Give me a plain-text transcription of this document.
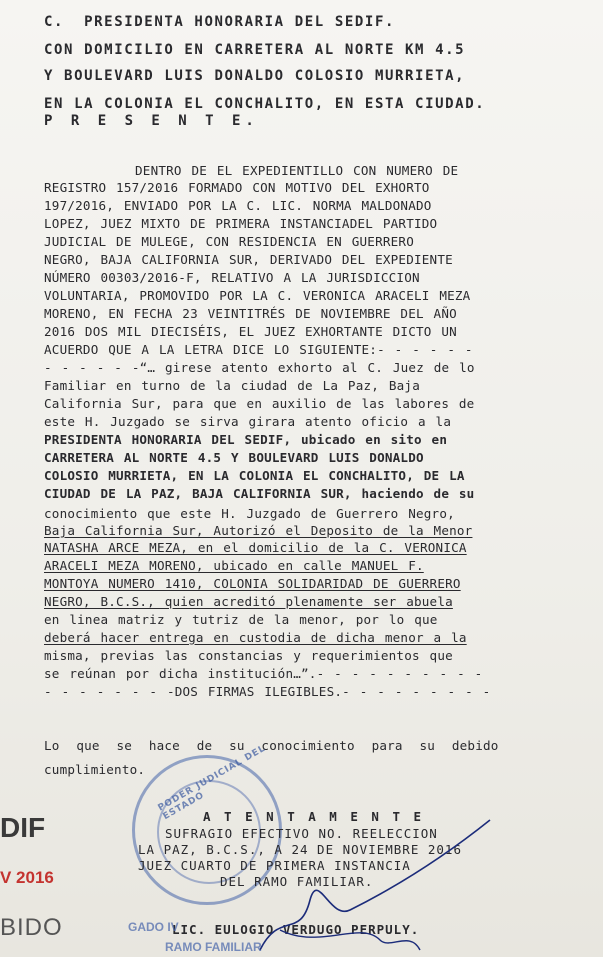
C.  PRESIDENTA HONORARIA DEL SEDIF.
CON DOMICILIO EN CARRETERA AL NORTE KM 4.5
Y BOULEVARD LUIS DONALDO COLOSIO MURRIETA,
EN LA COLONIA EL CONCHALITO, EN ESTA CIUDAD.
P R E S E N T E.
DENTRO DE EL EXPEDIENTILLO CON NUMERO DE
REGISTRO 157/2016 FORMADO CON MOTIVO DEL EXHORTO
197/2016, ENVIADO POR LA C. LIC. NORMA MALDONADO
LOPEZ, JUEZ MIXTO DE PRIMERA INSTANCIADEL PARTIDO
JUDICIAL DE MULEGE, CON RESIDENCIA EN GUERRERO
NEGRO, BAJA CALIFORNIA SUR, DERIVADO DEL EXPEDIENTE
NÚMERO 00303/2016-F, RELATIVO A LA JURISDICCION
VOLUNTARIA, PROMOVIDO POR LA C. VERONICA ARACELI MEZA
MORENO, EN FECHA 23 VEINTITRÉS DE NOVIEMBRE DEL AÑO
2016 DOS MIL DIECISÉIS, EL JUEZ EXHORTANTE DICTO UN
ACUERDO QUE A LA LETRA DICE LO SIGUIENTE:- - - - - -
- - - - - -“… girese atento exhorto al C. Juez de lo
Familiar en turno de la ciudad de La Paz, Baja
California Sur, para que en auxilio de las labores de
este H. Juzgado se sirva girara atento oficio a la
PRESIDENTA HONORARIA DEL SEDIF, ubicado en sito en
CARRETERA AL NORTE 4.5 Y BOULEVARD LUIS DONALDO
COLOSIO MURRIETA, EN LA COLONIA EL CONCHALITO, DE LA
CIUDAD DE LA PAZ, BAJA CALIFORNIA SUR, haciendo de su
conocimiento que este H. Juzgado de Guerrero Negro,
Baja California Sur, Autorizó el Deposito de la Menor
NATASHA ARCE MEZA, en el domicilio de la C. VERONICA
ARACELI MEZA MORENO, ubicado en calle MANUEL F.
MONTOYA NUMERO 1410, COLONIA SOLIDARIDAD DE GUERRERO
NEGRO, B.C.S., quien acreditó plenamente ser abuela
en linea matriz y tutriz de la menor, por lo que
deberá hacer entrega en custodia de dicha menor a la
misma, previas las constancias y requerimientos que
se reúnan por dicha institución…”.- - - - - - - - - -
- - - - - - - -DOS FIRMAS ILEGIBLES.- - - - - - - - -
Lo que se hace de su conocimiento para su debido
cumplimiento. PODER JUDICIAL DEL ESTADO
A T E N T A M E N T E
SUFRAGIO EFECTIVO NO. REELECCION
LA PAZ, B.C.S., A 24 DE NOVIEMBRE 2016
JUEZ CUARTO DE PRIMERA INSTANCIA
DEL RAMO FAMILIAR.
LIC. EULOGIO VERDUGO PERPULY.
DIF
V 2016
BIDO	GADO IV
RAMO FAMILIAR
